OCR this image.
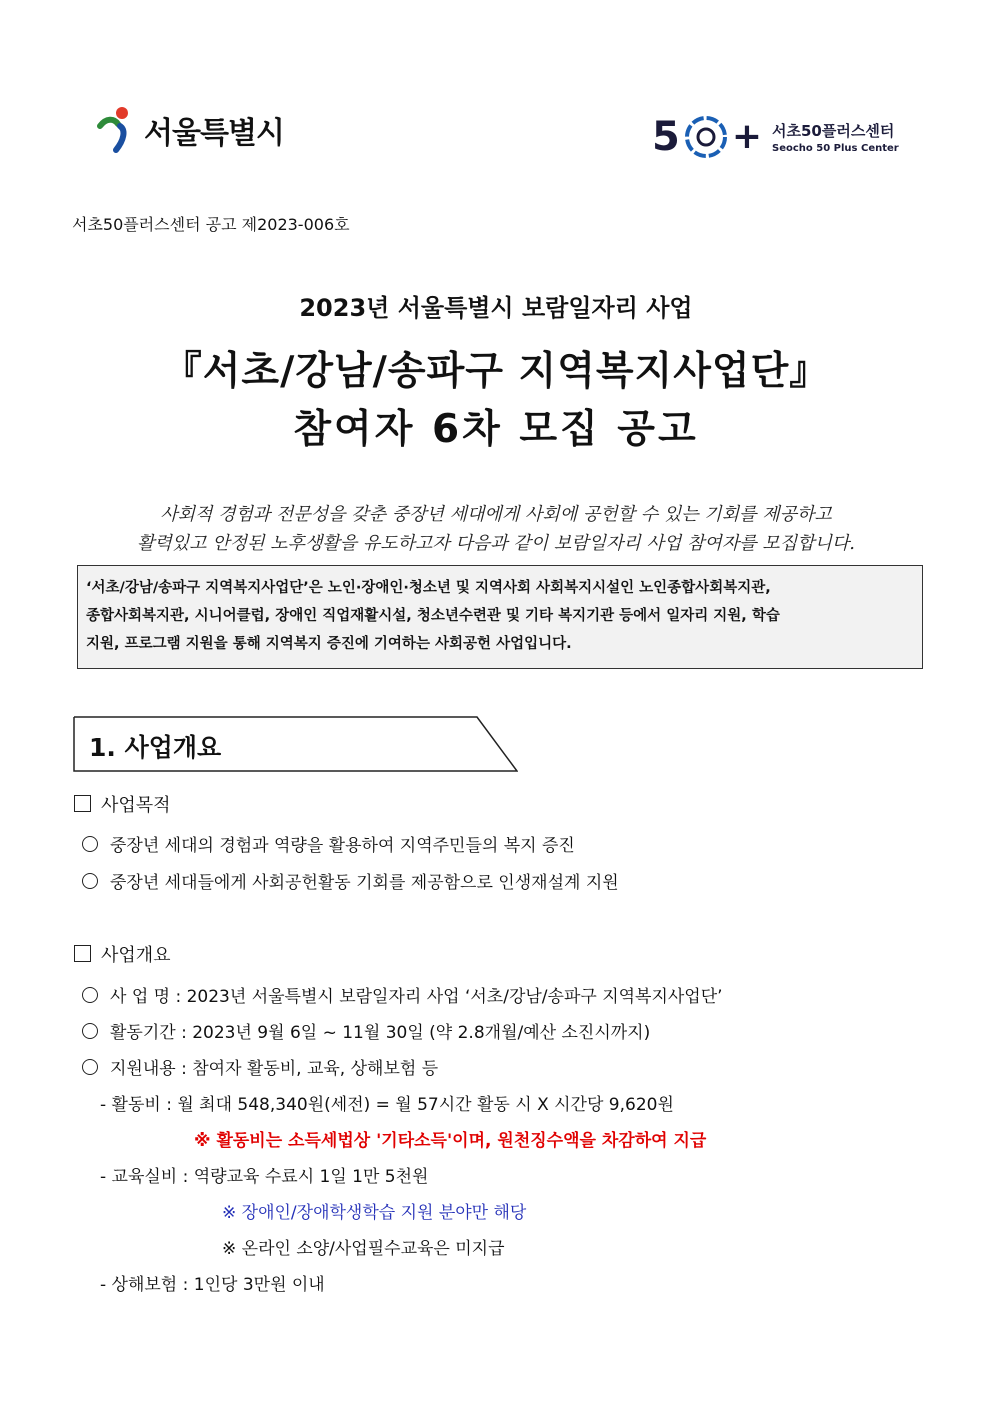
서울특별시	5 + 서초50플러스센터
Seocho 50 Plus Center
서초50플러스센터 공고 제2023-006호
2023년 서울특별시 보람일자리 사업
『서초/강남/송파구 지역복지사업단』
참여자 6차 모집 공고
사회적 경험과 전문성을 갖춘 중장년 세대에게 사회에 공헌할 수 있는 기회를 제공하고
활력있고 안정된 노후생활을 유도하고자 다음과 같이 보람일자리 사업 참여자를 모집합니다.
‘서초/강남/송파구 지역복지사업단’은 노인·장애인·청소년 및 지역사회 사회복지시설인 노인종합사회복지관,
종합사회복지관, 시니어클럽, 장애인 직업재활시설, 청소년수련관 및 기타 복지기관 등에서 일자리 지원, 학습
지원, 프로그램 지원을 통해 지역복지 증진에 기여하는 사회공헌 사업입니다.
1. 사업개요
사업목적
중장년 세대의 경험과 역량을 활용하여 지역주민들의 복지 증진
중장년 세대들에게 사회공헌활동 기회를 제공함으로 인생재설계 지원
사업개요
사 업 명 : 2023년 서울특별시 보람일자리 사업 ‘서초/강남/송파구 지역복지사업단’
활동기간 : 2023년 9월 6일 ~ 11월 30일 (약 2.8개월/예산 소진시까지)
지원내용 : 참여자 활동비, 교육, 상해보험 등
- 활동비 : 월 최대 548,340원(세전) = 월 57시간 활동 시 X 시간당 9,620원
※ 활동비는 소득세법상 '기타소득'이며, 원천징수액을 차감하여 지급
- 교육실비 : 역량교육 수료시 1일 1만 5천원
※ 장애인/장애학생학습 지원 분야만 해당
※ 온라인 소양/사업필수교육은 미지급
- 상해보험 : 1인당 3만원 이내
